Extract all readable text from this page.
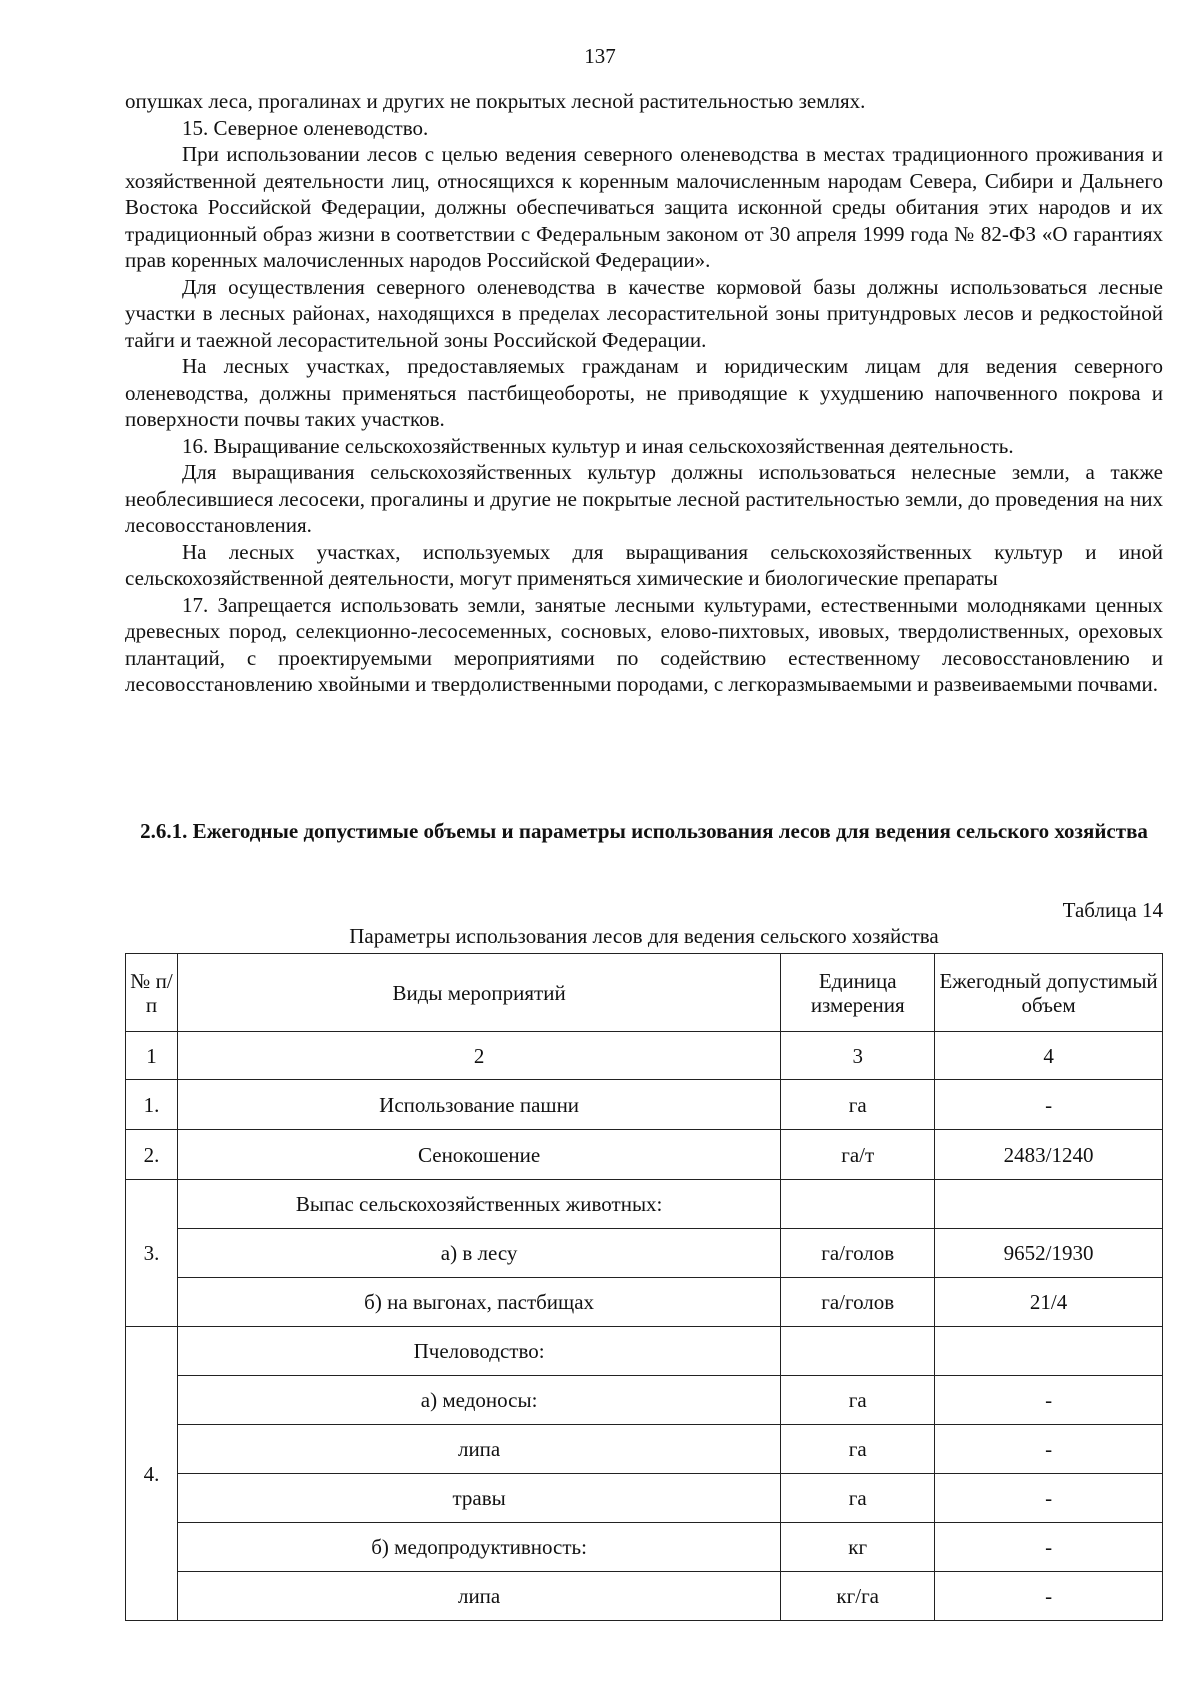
137

опушках леса, прогалинах и других не покрытых лесной растительностью землях.

15. Северное оленеводство.

При использовании лесов с целью ведения северного оленеводства в местах традиционного проживания и хозяйственной деятельности лиц, относящихся к коренным малочисленным народам Севера, Сибири и Дальнего Востока Российской Федерации, должны обеспечиваться защита исконной среды обитания этих народов и их традиционный образ жизни в соответствии с Федеральным законом от 30 апреля 1999 года № 82-ФЗ «О гарантиях прав коренных малочисленных народов Российской Федерации».

Для осуществления северного оленеводства в качестве кормовой базы должны использоваться лесные участки в лесных районах, находящихся в пределах лесорастительной зоны притундровых лесов и редкостойной тайги и таежной лесорастительной зоны Российской Федерации.

На лесных участках, предоставляемых гражданам и юридическим лицам для ведения северного оленеводства, должны применяться пастбищеобороты, не приводящие к ухудшению напочвенного покрова и поверхности почвы таких участков.

16. Выращивание сельскохозяйственных культур и иная сельскохозяйственная деятельность.

Для выращивания сельскохозяйственных культур должны использоваться нелесные земли, а также необлесившиеся лесосеки, прогалины и другие не покрытые лесной растительностью земли, до проведения на них лесовосстановления.

На лесных участках, используемых для выращивания сельскохозяйственных культур и иной сельскохозяйственной деятельности, могут применяться химические и биологические препараты

17. Запрещается использовать земли, занятые лесными культурами, естественными молодняками ценных древесных пород, селекционно-лесосеменных, сосновых, елово-пихтовых, ивовых, твердолиственных, ореховых плантаций, с проектируемыми мероприятиями по содействию естественному лесовосстановлению и лесовосстановлению хвойными и твердолиственными породами, с легкоразмываемыми и развеиваемыми почвами.

2.6.1. Ежегодные допустимые объемы и параметры использования лесов для ведения сельского хозяйства
Таблица 14
Параметры использования лесов для ведения сельского хозяйства
№ п/п	Виды мероприятий	Единица измерения	Ежегодный допустимый объем
1	2	3	4
1.	Использование пашни	га	-
2.	Сенокошение	га/т	2483/1240
3.	Выпас сельскохозяйственных животных:		
	а) в лесу	га/голов	9652/1930
	б) на выгонах, пастбищах	га/голов	21/4
4.	Пчеловодство:		
	а) медоносы:	га	-
	липа	га	-
	травы	га	-
	б) медопродуктивность:	кг	-
	липа	кг/га	-
